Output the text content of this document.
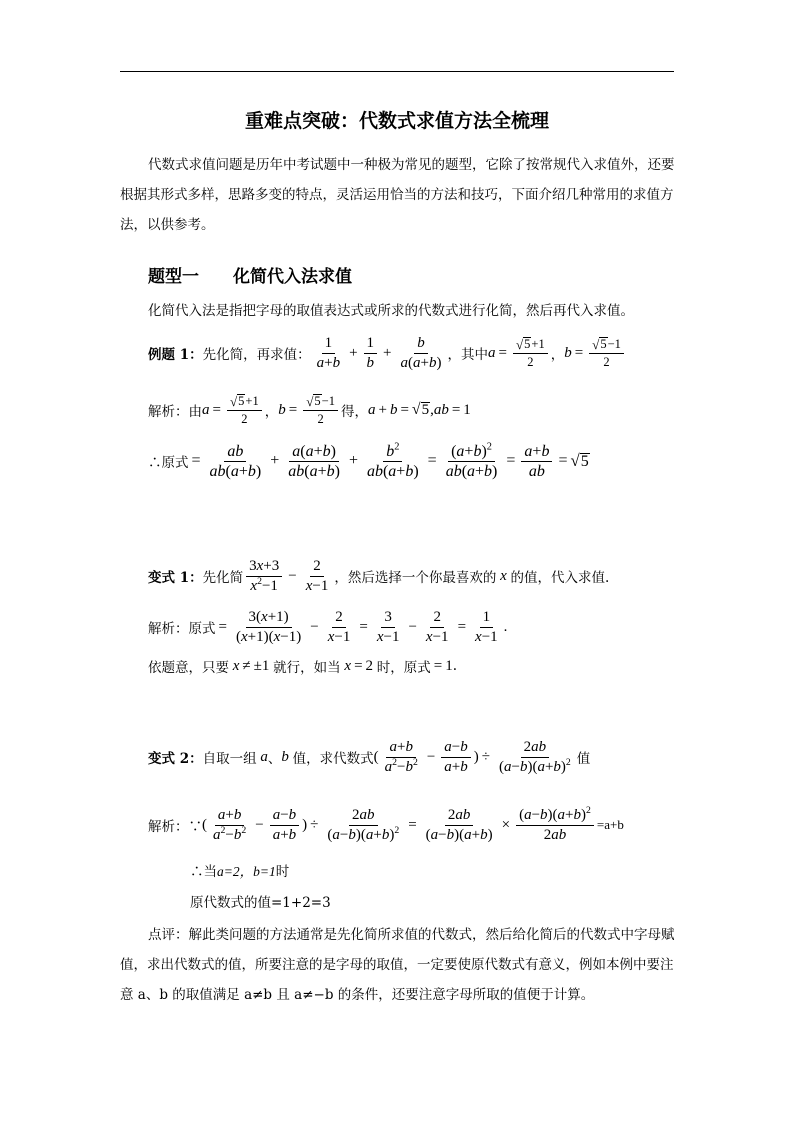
重难点突破：代数式求值方法全梳理
代数式求值问题是历年中考试题中一种极为常见的题型，它除了按常规代入求值外，还要根据其形式多样，思路多变的特点，灵活运用恰当的方法和技巧，下面介绍几种常用的求值方法，以供参考。
题型一 化简代入法求值
化简代入法是指把字母的取值表达式或所求的代数式进行化简，然后再代入求值。
例题 1： 先化简，再求值： $\frac{1}{a+b} + \frac{1}{b} + \frac{b}{a(a+b)}$ ，其中 $a = \frac{√ 5 +1}{2}$ ， $b = \frac{√ 5 -1}{2}$
解析：由 $a = \frac{√ 5 +1}{2}$ ， $b = \frac{√ 5 -1}{2}$ 得， a + b = √ 5 , ab = 1
∴原式 = $\frac{ab}{ab(a+b)} + \frac{a(a+b)}{ab(a+b)} + \frac{b^2}{ab(a+b)} = \frac{(a+b)^2}{ab(a+b)} = \frac{a+b}{ab}$ = √ 5
变式 1： 先化简 $\frac{3x+3}{x^2-1} - \frac{2}{x-1}$ ，然后选择一个你最喜欢的 x 的值，代入求值.
解析：原式 = $\frac{3(x+1)}{(x+1)(x-1)} - \frac{2}{x-1} = \frac{3}{x-1} - \frac{2}{x-1} = \frac{1}{x-1}$ .
依题意，只要
x ≠ ±1 就行，如当
x = 2 时，原式 = 1 .
变式 2： 自取一组 a 、 b 值，求代数式 ( $\frac{a+b}{a^2-b^2} - \frac{a-b}{a+b}$ ) ÷ $\frac{2ab}{(a-b)(a+b)^2}$ 值
解析：∵ ( $\frac{a+b}{a^2-b^2} - \frac{a-b}{a+b}$ ) ÷ $\frac{2ab}{(a-b)(a+b)^2} = \frac{2ab}{(a-b)(a+b)} \times \frac{(a-b)(a+b)^2}{2ab} =a+b$
∴当a=2，b=1时
原代数式的值=1+2=3
点评：解此类问题的方法通常是先化简所求值的代数式，然后给化简后的代数式中字母赋值，求出代数式的值，所要注意的是字母的取值，一定要使原代数式有意义，例如本例中要注意 a、b 的取值满足 a≠b 且 a≠−b 的条件，还要注意字母所取的值便于计算。
